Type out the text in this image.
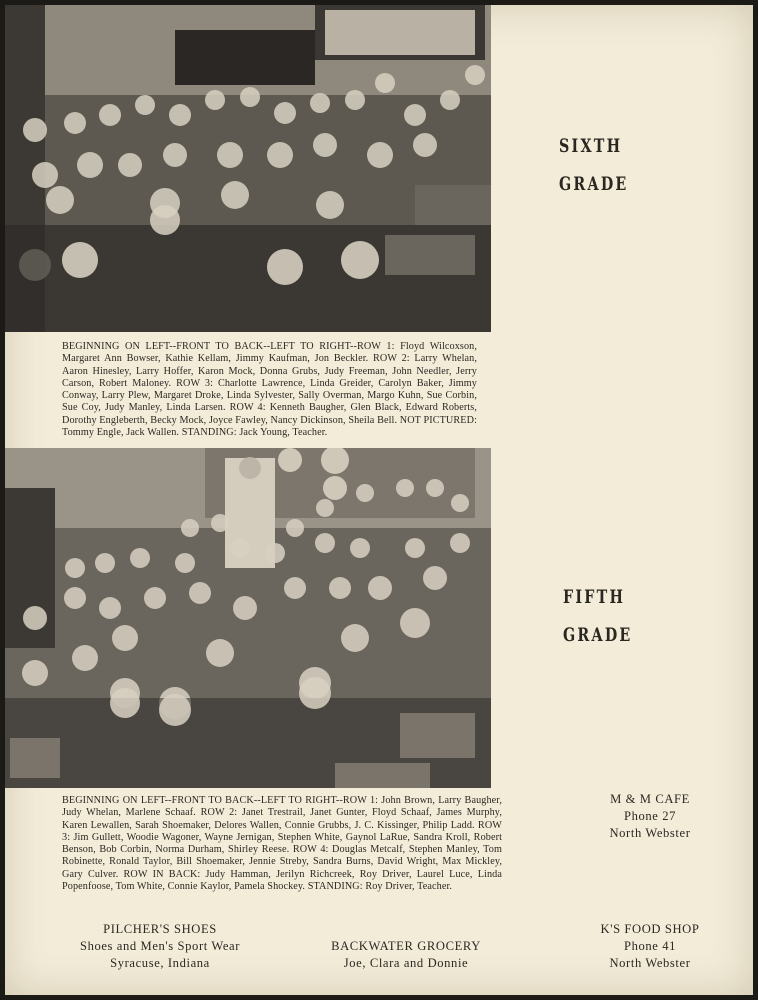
SIXTH
GRADE
BEGINNING ON LEFT--FRONT TO BACK--LEFT TO RIGHT--ROW 1: Floyd Wilcoxson, Margaret Ann Bowser, Kathie Kellam, Jimmy Kaufman, Jon Beckler. ROW 2: Larry Whelan, Aaron Hinesley, Larry Hoffer, Karon Mock, Donna Grubs, Judy Freeman, John Needler, Jerry Carson, Robert Maloney. ROW 3: Charlotte Lawrence, Linda Greider, Carolyn Baker, Jimmy Conway, Larry Plew, Margaret Droke, Linda Sylvester, Sally Overman, Margo Kuhn, Sue Corbin, Sue Coy, Judy Manley, Linda Larsen. ROW 4: Kenneth Baugher, Glen Black, Edward Roberts, Dorothy Engleberth, Becky Mock, Joyce Fawley, Nancy Dickinson, Sheila Bell. NOT PICTURED: Tommy Engle, Jack Wallen. STANDING: Jack Young, Teacher.
FIFTH
GRADE
BEGINNING ON LEFT--FRONT TO BACK--LEFT TO RIGHT--ROW 1: John Brown, Larry Baugher, Judy Whelan, Marlene Schaaf. ROW 2: Janet Trestrail, Janet Gunter, Floyd Schaaf, James Murphy, Karen Lewallen, Sarah Shoemaker, Delores Wallen, Connie Grubbs, J. C. Kissinger, Philip Ladd. ROW 3: Jim Gullett, Woodie Wagoner, Wayne Jernigan, Stephen White, Gaynol LaRue, Sandra Kroll, Robert Benson, Bob Corbin, Norma Durham, Shirley Reese. ROW 4: Douglas Metcalf, Stephen Manley, Tom Robinette, Ronald Taylor, Bill Shoemaker, Jennie Streby, Sandra Burns, David Wright, Max Mickley, Gary Culver. ROW IN BACK: Judy Hamman, Jerilyn Richcreek, Roy Driver, Laurel Luce, Linda Popenfoose, Tom White, Connie Kaylor, Pamela Shockey. STANDING: Roy Driver, Teacher.
M & M CAFE
Phone 27
North Webster
PILCHER'S SHOES
Shoes and Men's Sport Wear
Syracuse, Indiana
BACKWATER GROCERY
Joe, Clara and Donnie
K'S FOOD SHOP
Phone 41
North Webster
